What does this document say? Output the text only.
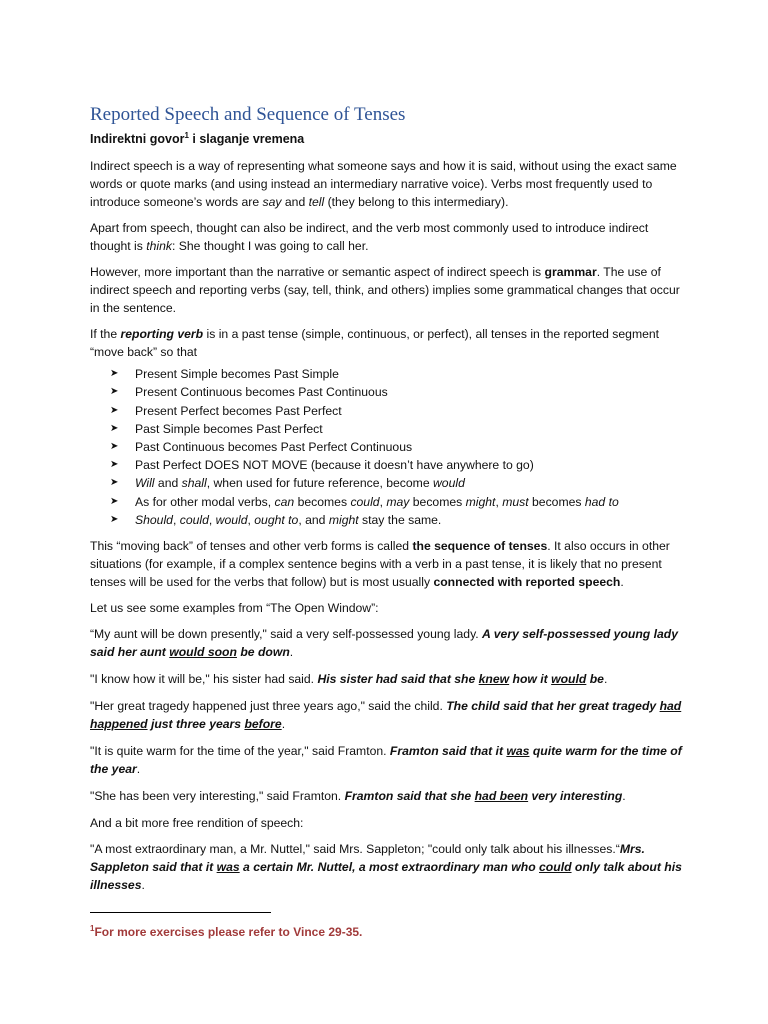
Reported Speech and Sequence of Tenses
Indirektni govor$^1$ i slaganje vremena

Indirect speech is a way of representing what someone says and how it is said, without using the exact same words or quote marks (and using instead an intermediary narrative voice). Verbs most frequently used to introduce someone’s words are say and tell (they belong to this intermediary).

Apart from speech, thought can also be indirect, and the verb most commonly used to introduce indirect thought is think: She thought I was going to call her.

However, more important than the narrative or semantic aspect of indirect speech is grammar. The use of indirect speech and reporting verbs (say, tell, think, and others) implies some grammatical changes that occur in the sentence.

If the reporting verb is in a past tense (simple, continuous, or perfect), all tenses in the reported segment “move back” so that

➤ Present Simple becomes Past Simple
➤ Present Continuous becomes Past Continuous
➤ Present Perfect becomes Past Perfect
➤ Past Simple becomes Past Perfect
➤ Past Continuous becomes Past Perfect Continuous
➤ Past Perfect DOES NOT MOVE (because it doesn’t have anywhere to go)
➤ Will and shall, when used for future reference, become would
➤ As for other modal verbs, can becomes could, may becomes might, must becomes had to
➤ Should, could, would, ought to, and might stay the same.

This “moving back” of tenses and other verb forms is called the sequence of tenses. It also occurs in other situations (for example, if a complex sentence begins with a verb in a past tense, it is likely that no present tenses will be used for the verbs that follow) but is most usually connected with reported speech.

Let us see some examples from “The Open Window”:

“My aunt will be down presently," said a very self-possessed young lady. A very self-possessed young lady said her aunt would soon be down.

"I know how it will be," his sister had said. His sister had said that she knew how it would be.

"Her great tragedy happened just three years ago," said the child. The child said that her great tragedy had happened just three years before.

"It is quite warm for the time of the year," said Framton. Framton said that it was quite warm for the time of the year.

"She has been very interesting," said Framton. Framton said that she had been very interesting.

And a bit more free rendition of speech:

"A most extraordinary man, a Mr. Nuttel," said Mrs. Sappleton; "could only talk about his illnesses.“Mrs. Sappleton said that it was a certain Mr. Nuttel, a most extraordinary man who could only talk about his illnesses.

$^1$For more exercises please refer to Vince 29-35.
